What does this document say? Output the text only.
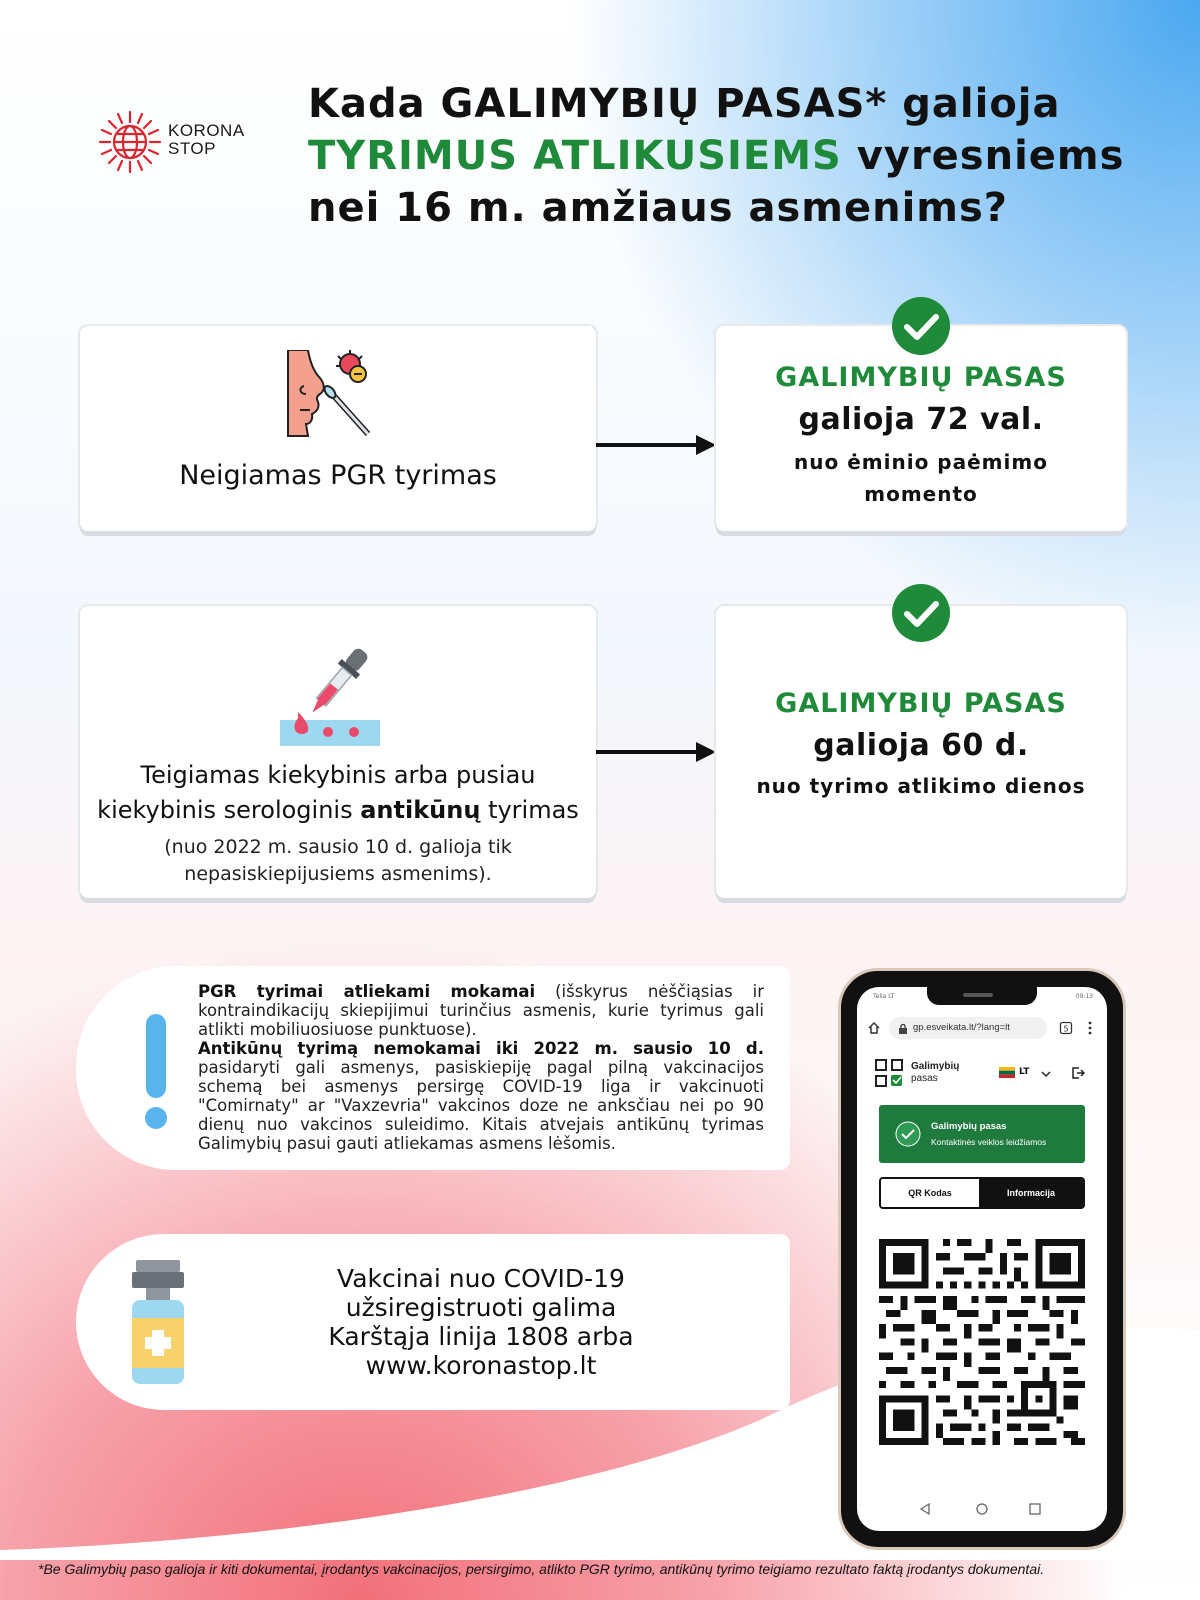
KORONA
STOP
Kada GALIMYBIŲ PASAS* galioja
TYRIMUS ATLIKUSIEMS vyresniems
nei 16 m. amžiaus asmenims?
Neigiamas PGR tyrimas
GALIMYBIŲ PASAS
galioja 72 val.
nuo ėminio paėmimo momento
Teigiamas kiekybinis arba pusiau
kiekybinis serologinis antikūnų tyrimas
(nuo 2022 m. sausio 10 d. galioja tik nepasiskiepijusiems asmenims).
GALIMYBIŲ PASAS
galioja 60 d.
nuo tyrimo atlikimo dienos
PGR tyrimai atliekami mokamai (išskyrus nėščiąsias ir kontraindikacijų skiepijimui turinčius asmenis, kurie tyrimus gali atlikti mobiliuosiuose punktuose).
Antikūnų tyrimą nemokamai iki 2022 m. sausio 10 d. pasidaryti gali asmenys, pasiskiepiję pagal pilną vakcinacijos schemą bei asmenys persirgę COVID-19 liga ir vakcinuoti "Comirnaty" ar "Vaxzevria" vakcinos doze ne anksčiau nei po 90 dienų nuo vakcinos suleidimo. Kitais atvejais antikūnų tyrimas Galimybių pasui gauti atliekamas asmens lėšomis.
Vakcinai nuo COVID-19
užsiregistruoti galima
Karštąja linija 1808 arba
www.koronastop.lt
Telia LT	09:13
gp.esveikata.lt/?lang=lt	5
Galimybių
pasas
LT
Galimybių pasas
Kontaktinės veiklos leidžiamos
QR Kodas	Informacija
*Be Galimybių paso galioja ir kiti dokumentai, įrodantys vakcinacijos, persirgimo, atlikto PGR tyrimo, antikūnų tyrimo teigiamo rezultato faktą įrodantys dokumentai.
